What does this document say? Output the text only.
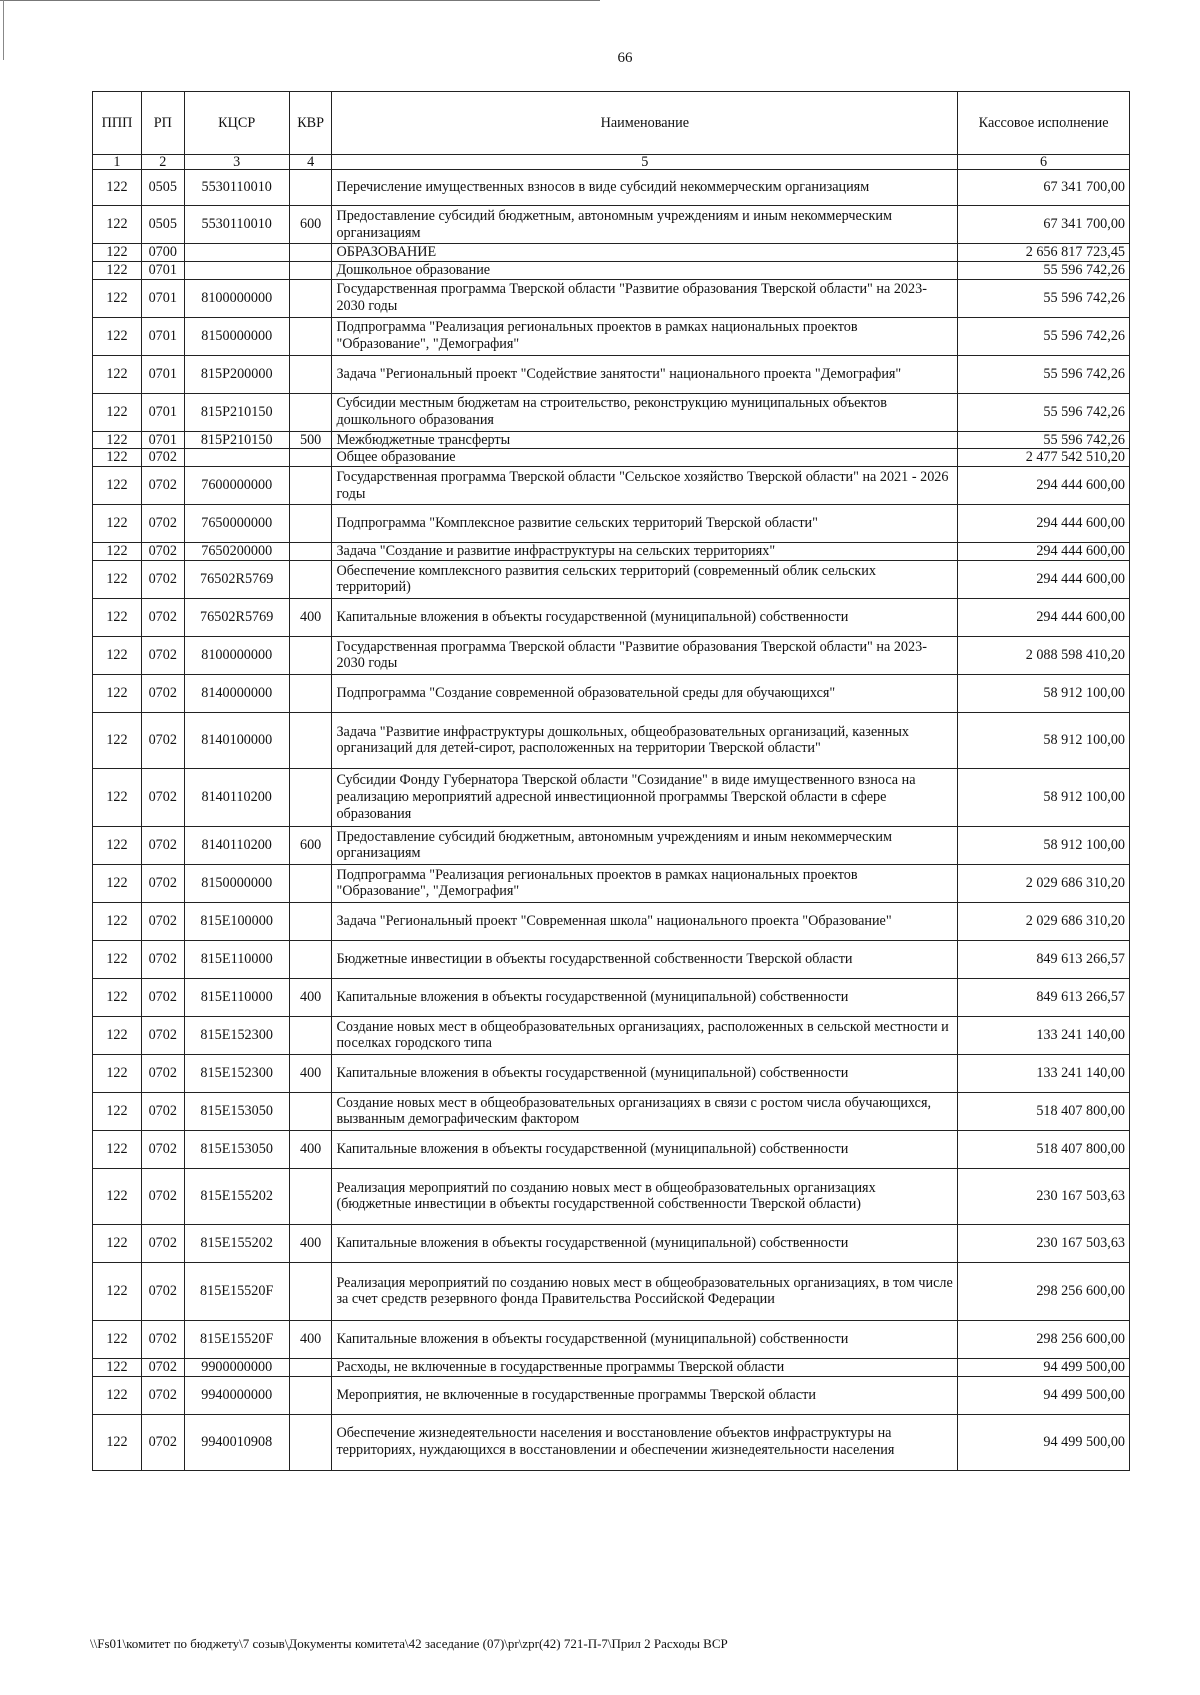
66
ППП	РП	КЦСР	КВР	Наименование	Кассовое исполнение
1	2	3	4	5	6
122	0505	5530110010		Перечисление имущественных взносов в виде субсидий некоммерческим организациям	67 341 700,00
122	0505	5530110010	600	Предоставление субсидий бюджетным, автономным учреждениям и иным некоммерческим организациям	67 341 700,00
122	0700			ОБРАЗОВАНИЕ	2 656 817 723,45
122	0701			Дошкольное образование	55 596 742,26
122	0701	8100000000		Государственная программа Тверской области "Развитие образования Тверской области" на 2023-2030 годы	55 596 742,26
122	0701	8150000000		Подпрограмма "Реализация региональных проектов в рамках национальных проектов "Образование", "Демография"	55 596 742,26
122	0701	815P200000		Задача "Региональный проект "Содействие занятости" национального проекта "Демография"	55 596 742,26
122	0701	815P210150		Субсидии местным бюджетам на строительство, реконструкцию муниципальных объектов дошкольного образования	55 596 742,26
122	0701	815P210150	500	Межбюджетные трансферты	55 596 742,26
122	0702			Общее образование	2 477 542 510,20
122	0702	7600000000		Государственная программа Тверской области "Сельское хозяйство Тверской области" на 2021 - 2026 годы	294 444 600,00
122	0702	7650000000		Подпрограмма "Комплексное развитие сельских территорий Тверской области"	294 444 600,00
122	0702	7650200000		Задача "Создание и развитие инфраструктуры на сельских территориях"	294 444 600,00
122	0702	76502R5769		Обеспечение комплексного развития сельских территорий (современный облик сельских территорий)	294 444 600,00
122	0702	76502R5769	400	Капитальные вложения в объекты государственной (муниципальной) собственности	294 444 600,00
122	0702	8100000000		Государственная программа Тверской области "Развитие образования Тверской области" на 2023-2030 годы	2 088 598 410,20
122	0702	8140000000		Подпрограмма "Создание современной образовательной среды для обучающихся"	58 912 100,00
122	0702	8140100000		Задача "Развитие инфраструктуры дошкольных, общеобразовательных организаций, казенных организаций для детей-сирот, расположенных на территории Тверской области"	58 912 100,00
122	0702	8140110200		Субсидии Фонду Губернатора Тверской области "Созидание" в виде имущественного взноса на реализацию мероприятий адресной инвестиционной программы Тверской области в сфере образования	58 912 100,00
122	0702	8140110200	600	Предоставление субсидий бюджетным, автономным учреждениям и иным некоммерческим организациям	58 912 100,00
122	0702	8150000000		Подпрограмма "Реализация региональных проектов в рамках национальных проектов "Образование", "Демография"	2 029 686 310,20
122	0702	815E100000		Задача "Региональный проект "Современная школа" национального проекта "Образование"	2 029 686 310,20
122	0702	815E110000		Бюджетные инвестиции в объекты государственной собственности Тверской области	849 613 266,57
122	0702	815E110000	400	Капитальные вложения в объекты государственной (муниципальной) собственности	849 613 266,57
122	0702	815E152300		Создание новых мест в общеобразовательных организациях, расположенных в сельской местности и поселках городского типа	133 241 140,00
122	0702	815E152300	400	Капитальные вложения в объекты государственной (муниципальной) собственности	133 241 140,00
122	0702	815E153050		Создание новых мест в общеобразовательных организациях в связи с ростом числа обучающихся, вызванным демографическим фактором	518 407 800,00
122	0702	815E153050	400	Капитальные вложения в объекты государственной (муниципальной) собственности	518 407 800,00
122	0702	815E155202		Реализация мероприятий по созданию новых мест в общеобразовательных организациях (бюджетные инвестиции в объекты государственной собственности Тверской области)	230 167 503,63
122	0702	815E155202	400	Капитальные вложения в объекты государственной (муниципальной) собственности	230 167 503,63
122	0702	815E15520F		Реализация мероприятий по созданию новых мест в общеобразовательных организациях, в том числе за счет средств резервного фонда Правительства Российской Федерации	298 256 600,00
122	0702	815E15520F	400	Капитальные вложения в объекты государственной (муниципальной) собственности	298 256 600,00
122	0702	9900000000		Расходы, не включенные в государственные программы Тверской области	94 499 500,00
122	0702	9940000000		Мероприятия, не включенные в государственные программы Тверской области	94 499 500,00
122	0702	9940010908		Обеспечение жизнедеятельности населения и восстановление объектов инфраструктуры на территориях, нуждающихся в восстановлении и обеспечении жизнедеятельности населения	94 499 500,00
\\Fs01\комитет по бюджету\7 созыв\Документы комитета\42 заседание (07)\pr\zpr(42) 721-П-7\Прил 2 Расходы ВСР
